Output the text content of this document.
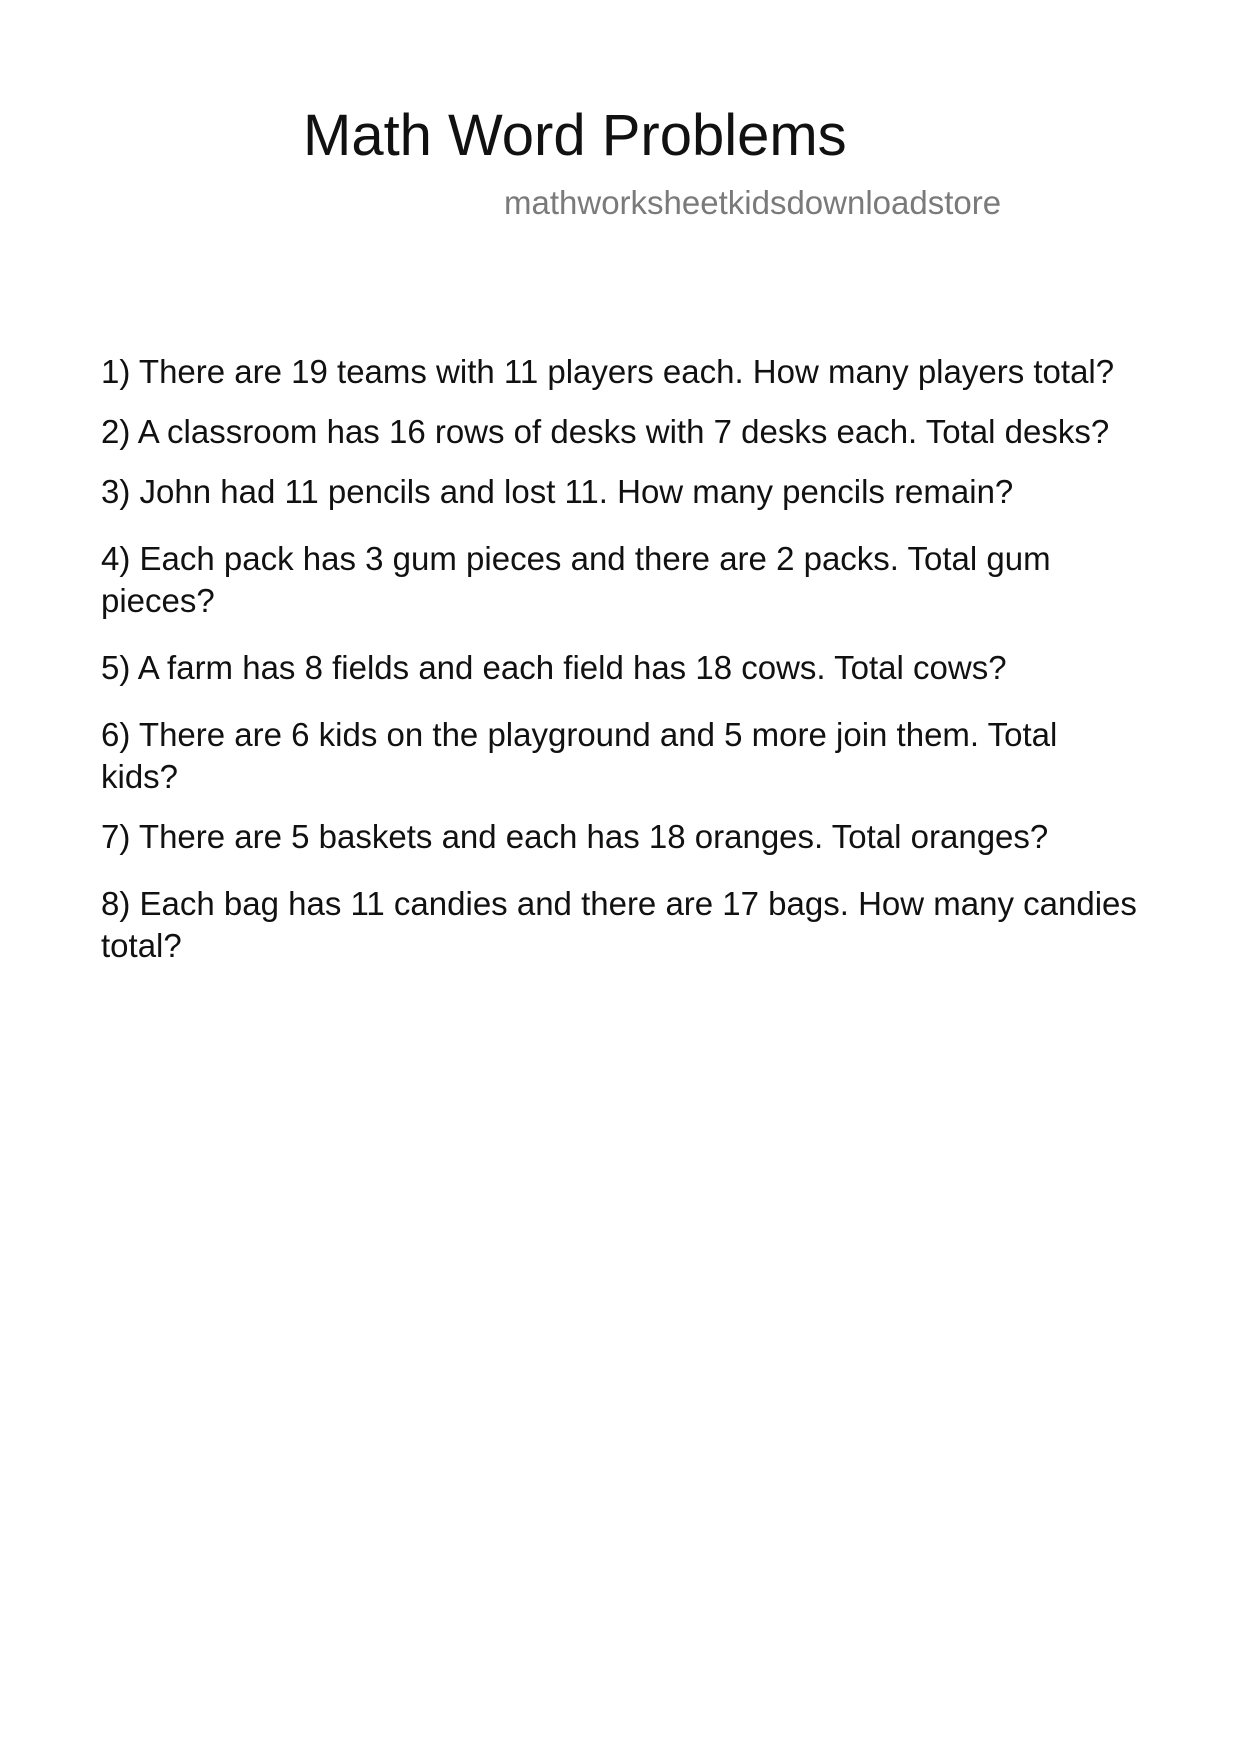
Math Word Problems
mathworksheetkidsdownloadstore
1) There are 19 teams with 11 players each. How many players total?
2) A classroom has 16 rows of desks with 7 desks each. Total desks?
3) John had 11 pencils and lost 11. How many pencils remain?
4) Each pack has 3 gum pieces and there are 2 packs. Total gum pieces?
5) A farm has 8 fields and each field has 18 cows. Total cows?
6) There are 6 kids on the playground and 5 more join them. Total kids?
7) There are 5 baskets and each has 18 oranges. Total oranges?
8) Each bag has 11 candies and there are 17 bags. How many candies total?
